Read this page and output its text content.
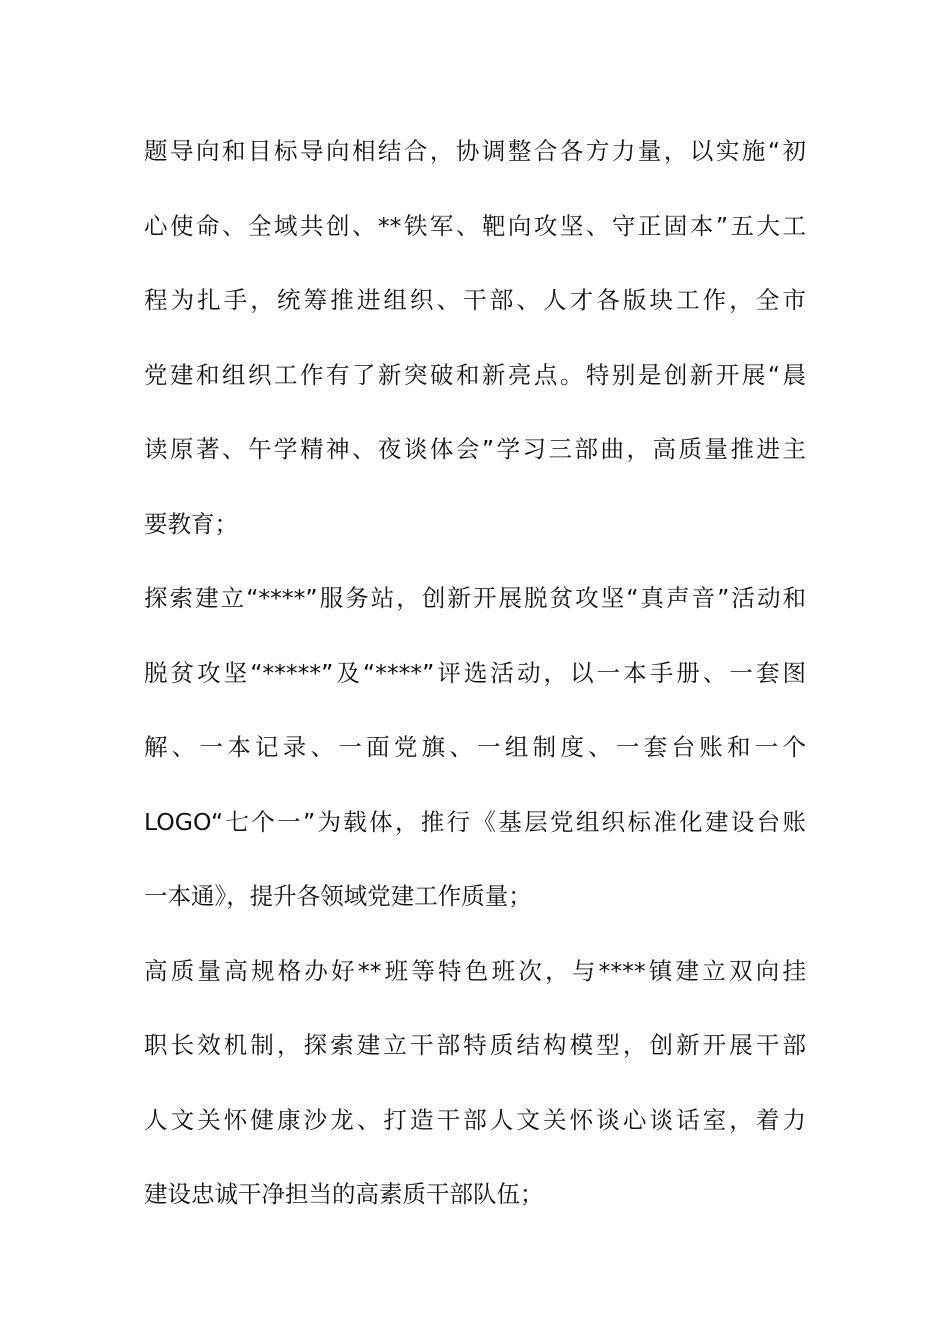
题导向和目标导向相结合，协调整合各方力量，以实施“初
心使命、全域共创、**铁军、靶向攻坚、守正固本”五大工
程为扎手，统筹推进组织、干部、人才各版块工作，全市
党建和组织工作有了新突破和新亮点。特别是创新开展“晨
读原著、午学精神、夜谈体会”学习三部曲，高质量推进主
要教育；
探索建立“****”服务站，创新开展脱贫攻坚“真声音”活动和
脱贫攻坚“*****”及“****”评选活动，以一本手册、一套图
解、一本记录、一面党旗、一组制度、一套台账和一个
LOGO“七个一”为载体，推行《基层党组织标准化建设台账
一本通》，提升各领域党建工作质量；
高质量高规格办好**班等特色班次，与****镇建立双向挂
职长效机制，探索建立干部特质结构模型，创新开展干部
人文关怀健康沙龙、打造干部人文关怀谈心谈话室，着力
建设忠诚干净担当的高素质干部队伍；
